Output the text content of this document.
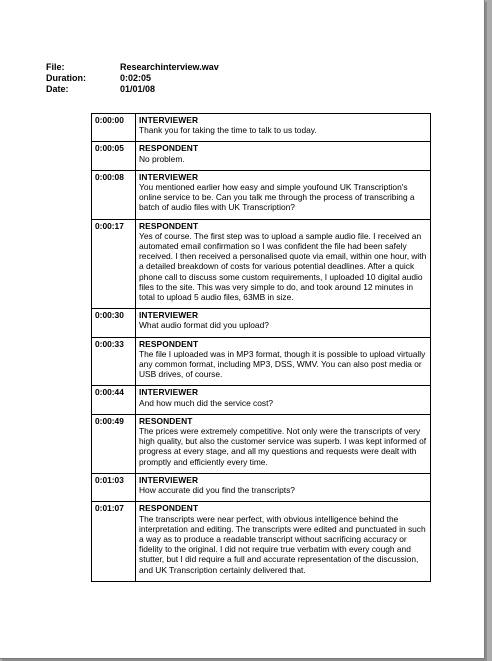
File:	Researchinterview.wav
Duration:	0:02:05
Date:	01/01/08
0:00:00	INTERVIEWER
Thank you for taking the time to talk to us today.

0:00:05	RESPONDENT
No problem.

0:00:08	INTERVIEWER
You mentioned earlier how easy and simple youfound UK Transcription's online service to be. Can you talk me through the process of transcribing a batch of audio files with UK Transcription?

0:00:17	RESPONDENT
Yes of course. The first step was to upload a sample audio file. I received an automated email confirmation so I was confident the file had been safely received. I then received a personalised quote via email, within one hour, with a detailed breakdown of costs for various potential deadlines. After a quick phone call to discuss some custom requirements, I uploaded 10 digital audio files to the site. This was very simple to do, and took around 12 minutes in total to upload 5 audio files, 63MB in size.

0:00:30	INTERVIEWER
What audio format did you upload?

0:00:33	RESPONDENT
The file I uploaded was in MP3 format, though it is possible to upload virtually any common format, including MP3, DSS, WMV. You can also post media or USB drives, of course.

0:00:44	INTERVIEWER
And how much did the service cost?

0:00:49	RESONDENT
The prices were extremely competitive. Not only were the transcripts of very high quality, but also the customer service was superb. I was kept informed of progress at every stage, and all my questions and requests were dealt with promptly and efficiently every time.

0:01:03	INTERVIEWER
How accurate did you find the transcripts?

0:01:07	RESPONDENT
The transcripts were near perfect, with obvious intelligence behind the interpretation and editing. The transcripts were edited and punctuated in such a way as to produce a readable transcript without sacrificing accuracy or fidelity to the original. I did not require true verbatim with every cough and stutter, but I did require a full and accurate representation of the discussion, and UK Transcription certainly delivered that.
